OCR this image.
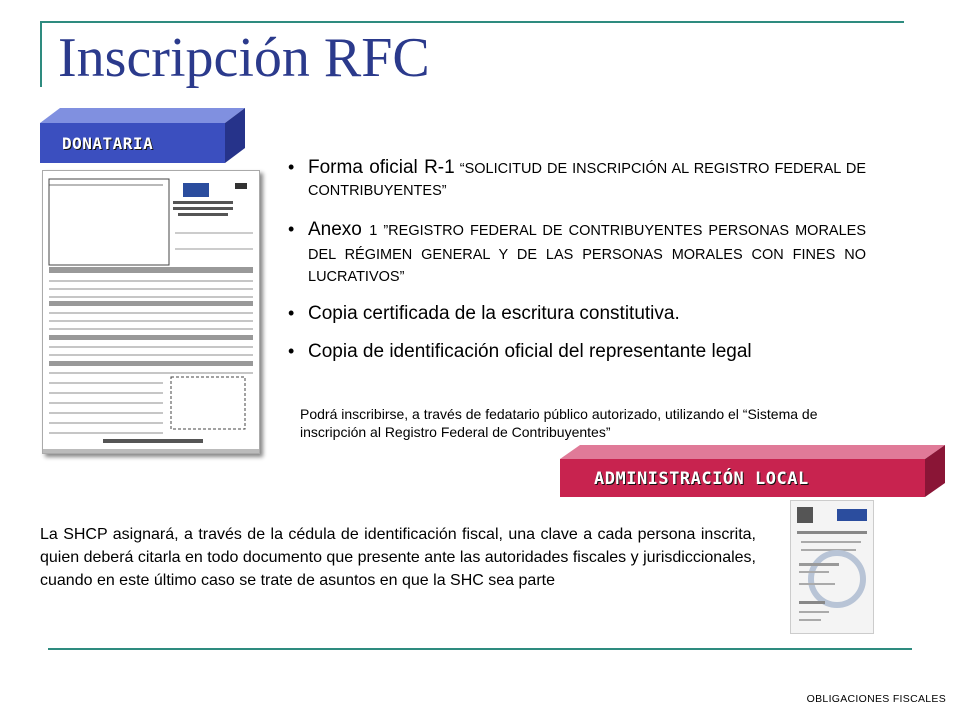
Inscripción RFC
DONATARIA
• Forma oficial R-1 “SOLICITUD DE INSCRIPCIÓN AL REGISTRO FEDERAL DE CONTRIBUYENTES”
• Anexo 1 ”REGISTRO FEDERAL DE CONTRIBUYENTES PERSONAS MORALES DEL RÉGIMEN GENERAL Y DE LAS PERSONAS MORALES CON FINES NO LUCRATIVOS”
• Copia certificada de la escritura constitutiva.
• Copia de identificación oficial del representante legal
Podrá inscribirse, a través de fedatario público autorizado, utilizando el “Sistema de inscripción al Registro Federal de Contribuyentes”
ADMINISTRACIÓN LOCAL
La SHCP asignará, a través de la cédula de identificación fiscal, una clave a cada persona inscrita, quien deberá citarla en todo documento que presente ante las autoridades fiscales y jurisdiccionales, cuando en este último caso se trate de asuntos en que la SHC sea parte
OBLIGACIONES FISCALES
